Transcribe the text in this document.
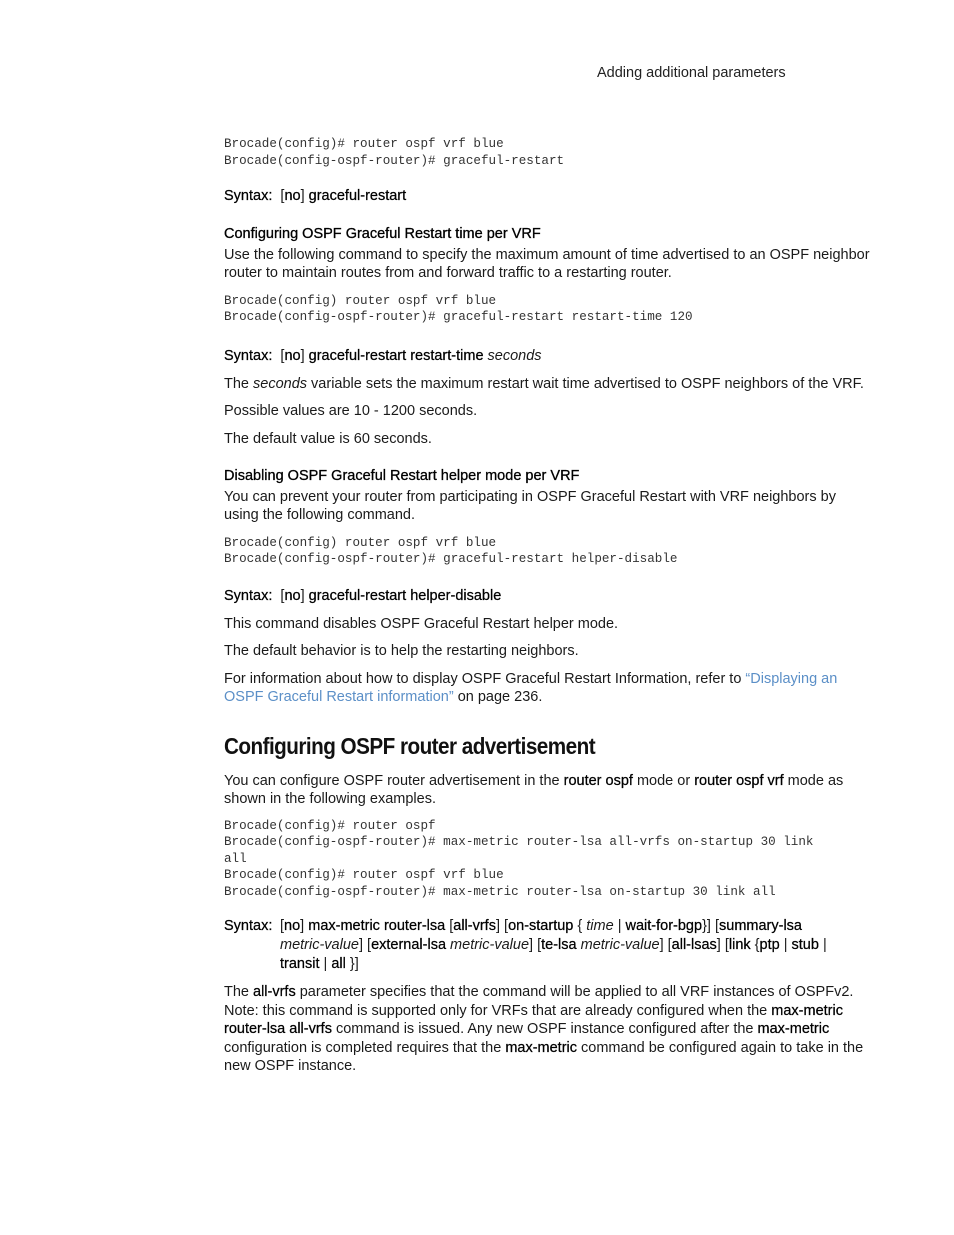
Adding additional parameters
Brocade(config)# router ospf vrf blue
Brocade(config-ospf-router)# graceful-restart

Syntax: [no] graceful-restart

Configuring OSPF Graceful Restart time per VRF

Use the following command to specify the maximum amount of time advertised to an OSPF neighbor router to maintain routes from and forward traffic to a restarting router.

Brocade(config) router ospf vrf blue
Brocade(config-ospf-router)# graceful-restart restart-time 120

Syntax: [no] graceful-restart restart-time seconds

The seconds variable sets the maximum restart wait time advertised to OSPF neighbors of the VRF.

Possible values are 10 - 1200 seconds.

The default value is 60 seconds.

Disabling OSPF Graceful Restart helper mode per VRF

You can prevent your router from participating in OSPF Graceful Restart with VRF neighbors by using the following command.

Brocade(config) router ospf vrf blue
Brocade(config-ospf-router)# graceful-restart helper-disable

Syntax: [no] graceful-restart helper-disable

This command disables OSPF Graceful Restart helper mode.

The default behavior is to help the restarting neighbors.

For information about how to display OSPF Graceful Restart Information, refer to “Displaying an OSPF Graceful Restart information” on page 236.

Configuring OSPF router advertisement

You can configure OSPF router advertisement in the router ospf mode or router ospf vrf mode as shown in the following examples.

Brocade(config)# router ospf
Brocade(config-ospf-router)# max-metric router-lsa all-vrfs on-startup 30 link
all
Brocade(config)# router ospf vrf blue
Brocade(config-ospf-router)# max-metric router-lsa on-startup 30 link all
Syntax: [no] max-metric router-lsa [all-vrfs] [on-startup { time | wait-for-bgp}] [summary-lsa
metric-value] [external-lsa metric-value] [te-lsa metric-value] [all-lsas] [link {ptp | stub |
transit | all }]

The all-vrfs parameter specifies that the command will be applied to all VRF instances of OSPFv2. Note: this command is supported only for VRFs that are already configured when the max-metric router-lsa all-vrfs command is issued. Any new OSPF instance configured after the max-metric configuration is completed requires that the max-metric command be configured again to take in the new OSPF instance.
